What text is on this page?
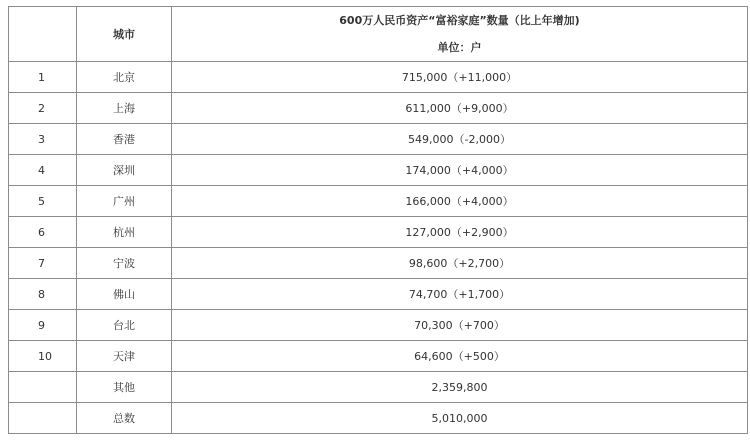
	城市	600万人民币资产“富裕家庭”数量（比上年增加)
单位：户

1	北京	715,000（+11,000）
2	上海	611,000（+9,000）
3	香港	549,000（-2,000）
4	深圳	174,000（+4,000）
5	广州	166,000（+4,000）
6	杭州	127,000（+2,900）
7	宁波	98,600（+2,700）
8	佛山	74,700（+1,700）
9	台北	70,300（+700）
10	天津	64,600（+500）
	其他	2,359,800
	总数	5,010,000
